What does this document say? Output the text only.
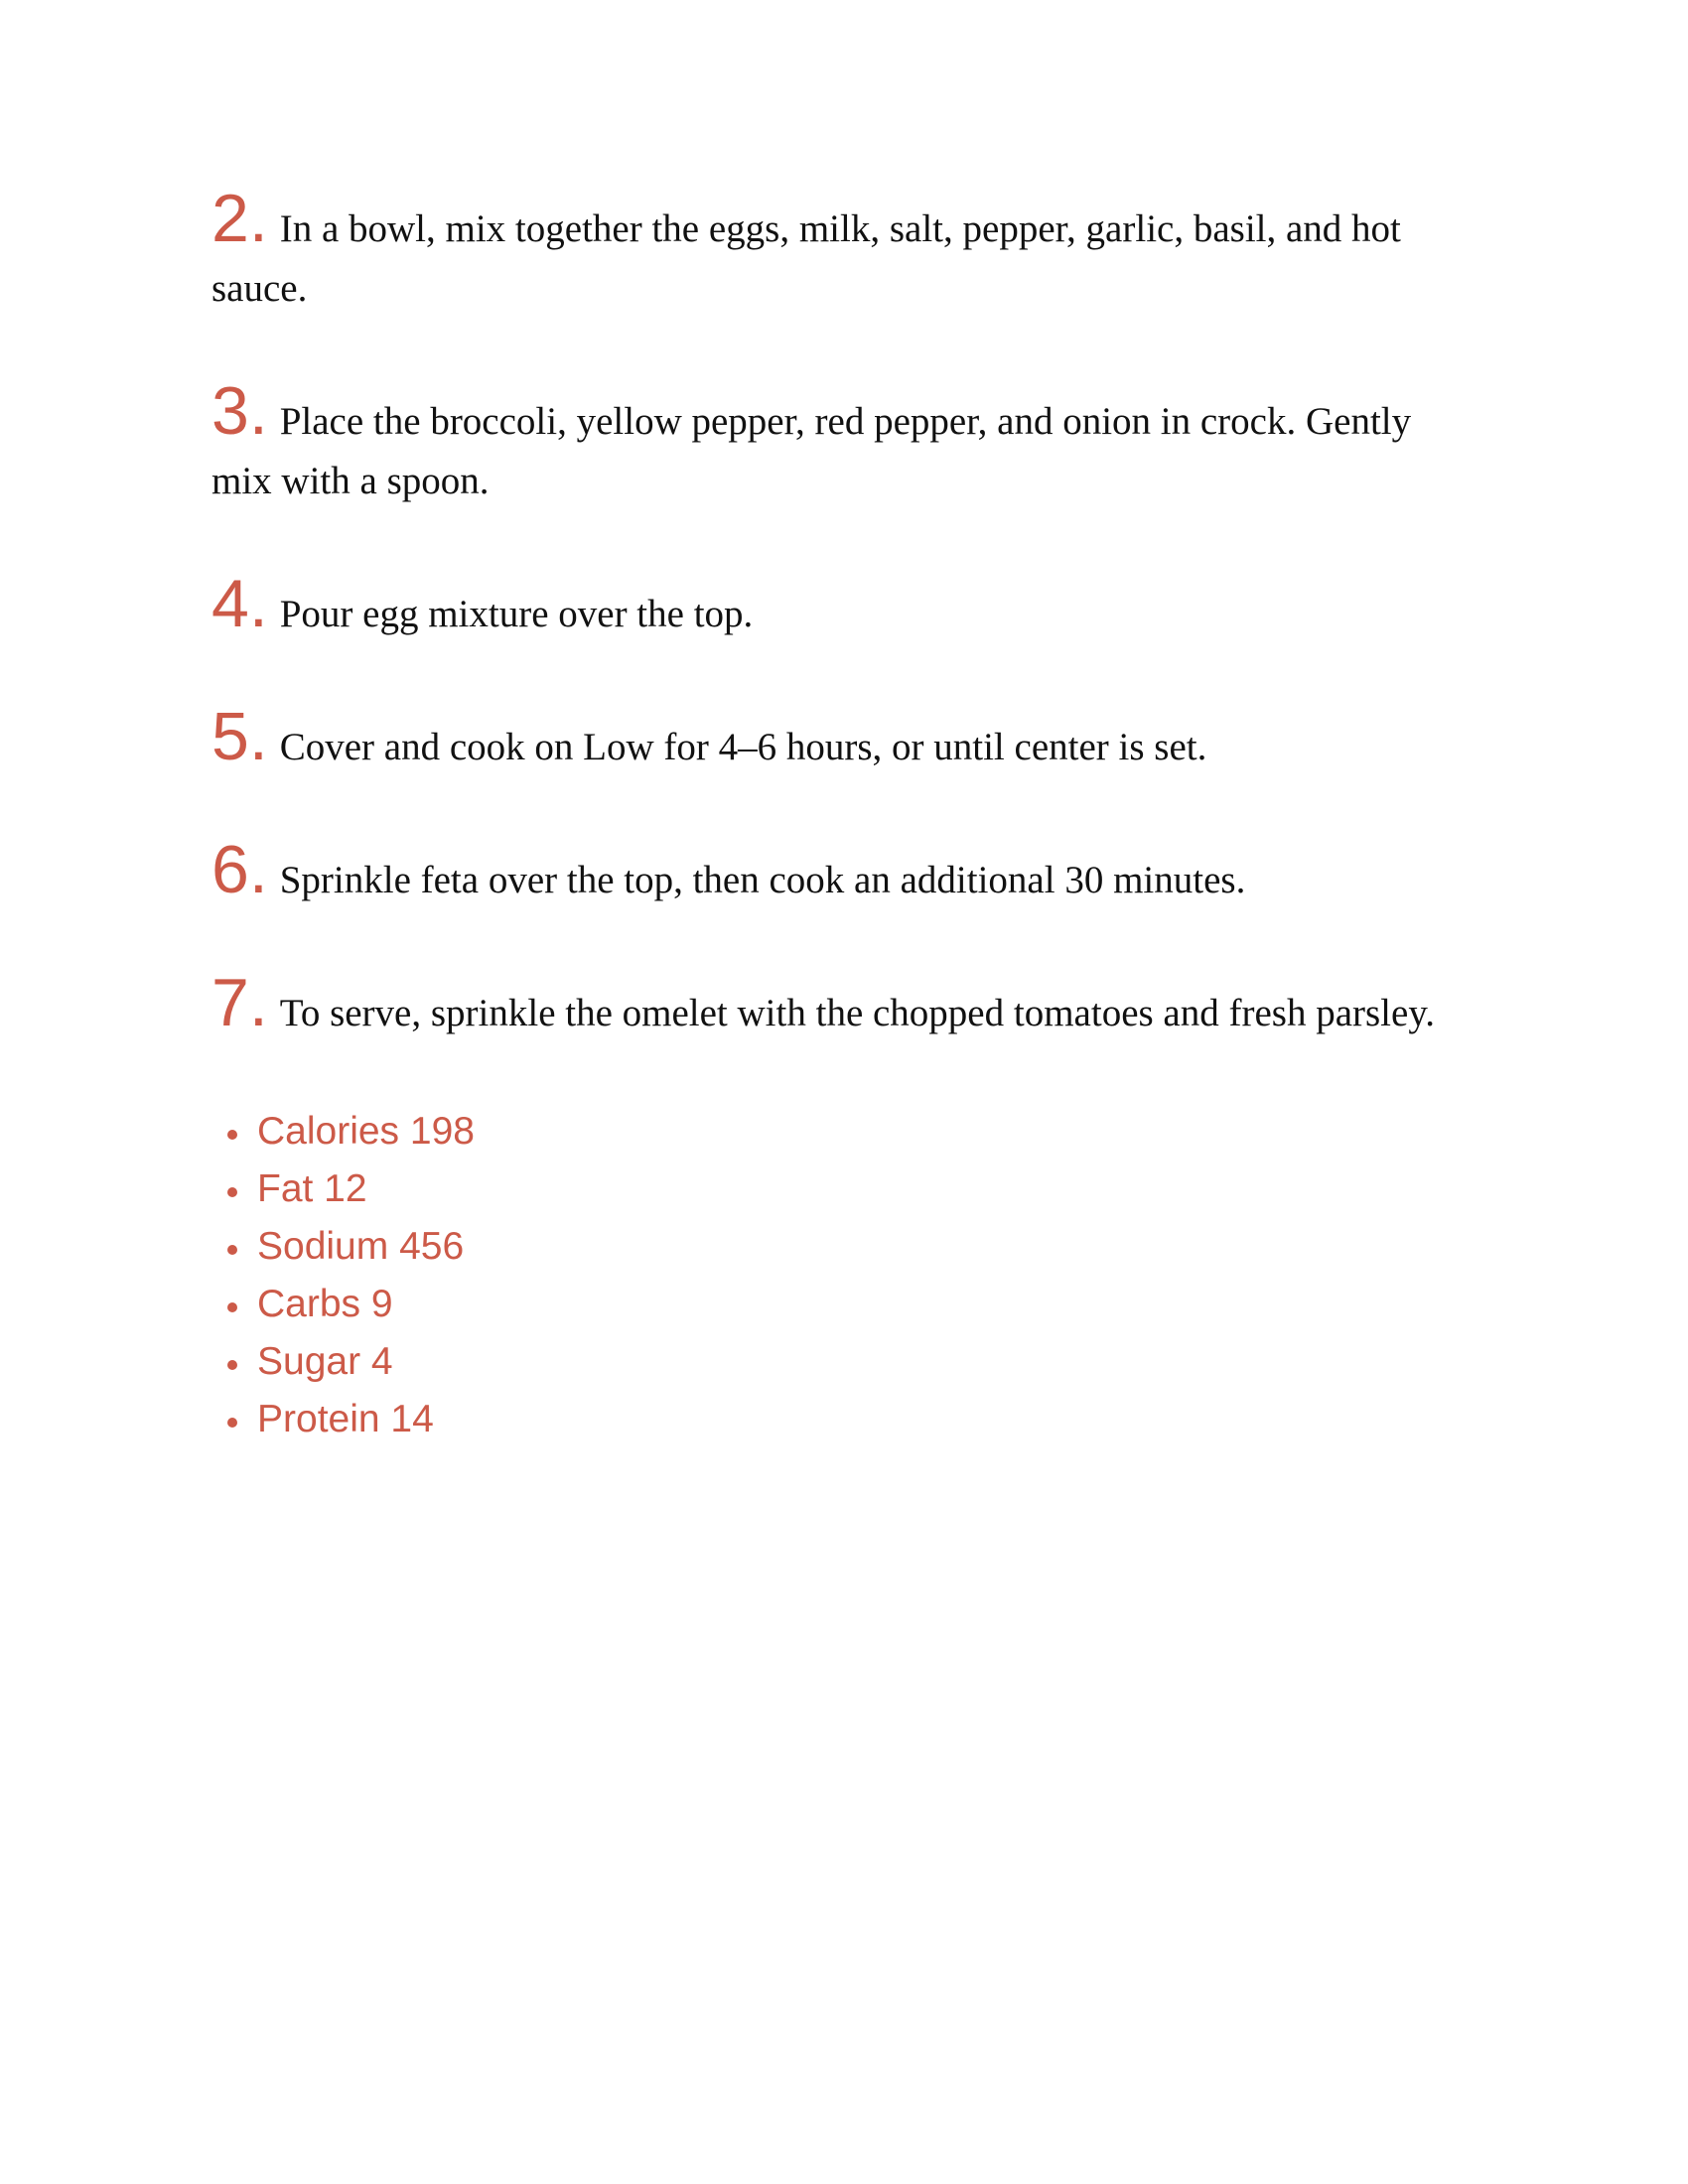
2. In a bowl, mix together the eggs, milk, salt, pepper, garlic, basil, and hot sauce.

3. Place the broccoli, yellow pepper, red pepper, and onion in crock. Gently mix with a spoon.

4. Pour egg mixture over the top.

5. Cover and cook on Low for 4–6 hours, or until center is set.

6. Sprinkle feta over the top, then cook an additional 30 minutes.

7. To serve, sprinkle the omelet with the chopped tomatoes and fresh parsley.

Calories 198
Fat 12
Sodium 456
Carbs 9
Sugar 4
Protein 14
